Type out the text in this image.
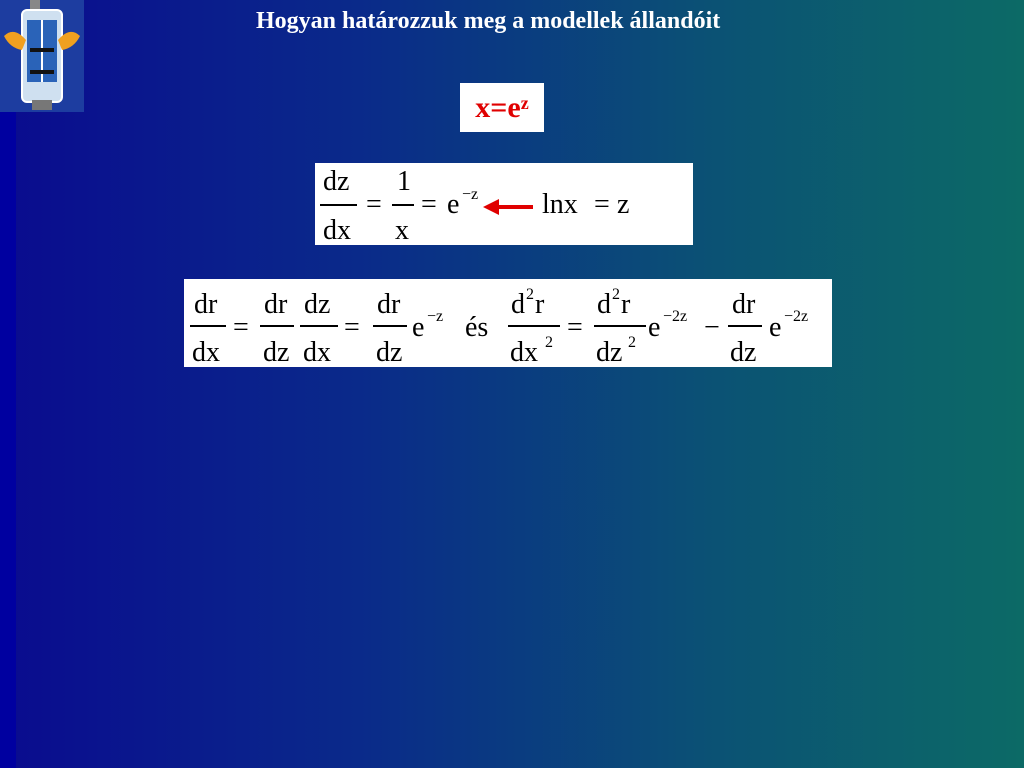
Hogyan határozzuk meg a modellek állandóit
$x=e^z$
dz
dx
=
1
x
= e −z lnx = z
dr
dx
=
dr
dz
dz
dx
=
dr
dz
e −z és
d 2 r
dx 2 =
d 2 r
dz 2 e −2z −
dr
dz
e −2z
